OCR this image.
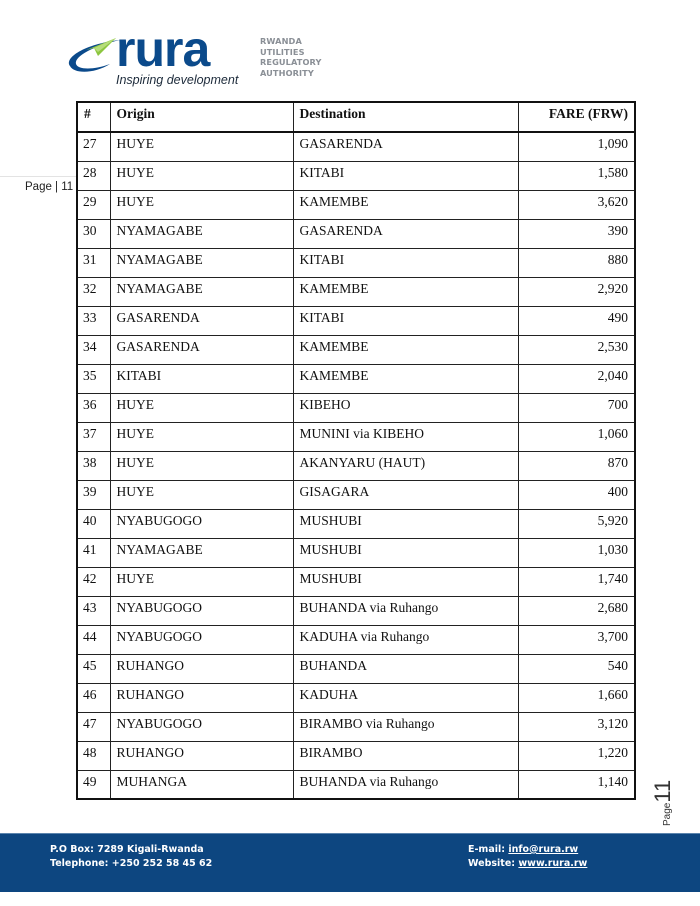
rura
Inspiring development
RWANDA
UTILITIES
REGULATORY
AUTHORITY
Page | 11
#	Origin	Destination	FARE (FRW)
27	HUYE	GASARENDA	1,090
28	HUYE	KITABI	1,580
29	HUYE	KAMEMBE	3,620
30	NYAMAGABE	GASARENDA	390
31	NYAMAGABE	KITABI	880
32	NYAMAGABE	KAMEMBE	2,920
33	GASARENDA	KITABI	490
34	GASARENDA	KAMEMBE	2,530
35	KITABI	KAMEMBE	2,040
36	HUYE	KIBEHO	700
37	HUYE	MUNINI via KIBEHO	1,060
38	HUYE	AKANYARU (HAUT)	870
39	HUYE	GISAGARA	400
40	NYABUGOGO	MUSHUBI	5,920
41	NYAMAGABE	MUSHUBI	1,030
42	HUYE	MUSHUBI	1,740
43	NYABUGOGO	BUHANDA via Ruhango	2,680
44	NYABUGOGO	KADUHA via Ruhango	3,700
45	RUHANGO	BUHANDA	540
46	RUHANGO	KADUHA	1,660
47	NYABUGOGO	BIRAMBO via Ruhango	3,120
48	RUHANGO	BIRAMBO	1,220
49	MUHANGA	BUHANDA via Ruhango	1,140
Page11
P.O Box: 7289 Kigali-Rwanda
Telephone: +250 252 58 45 62
E-mail: info@rura.rw
Website: www.rura.rw
